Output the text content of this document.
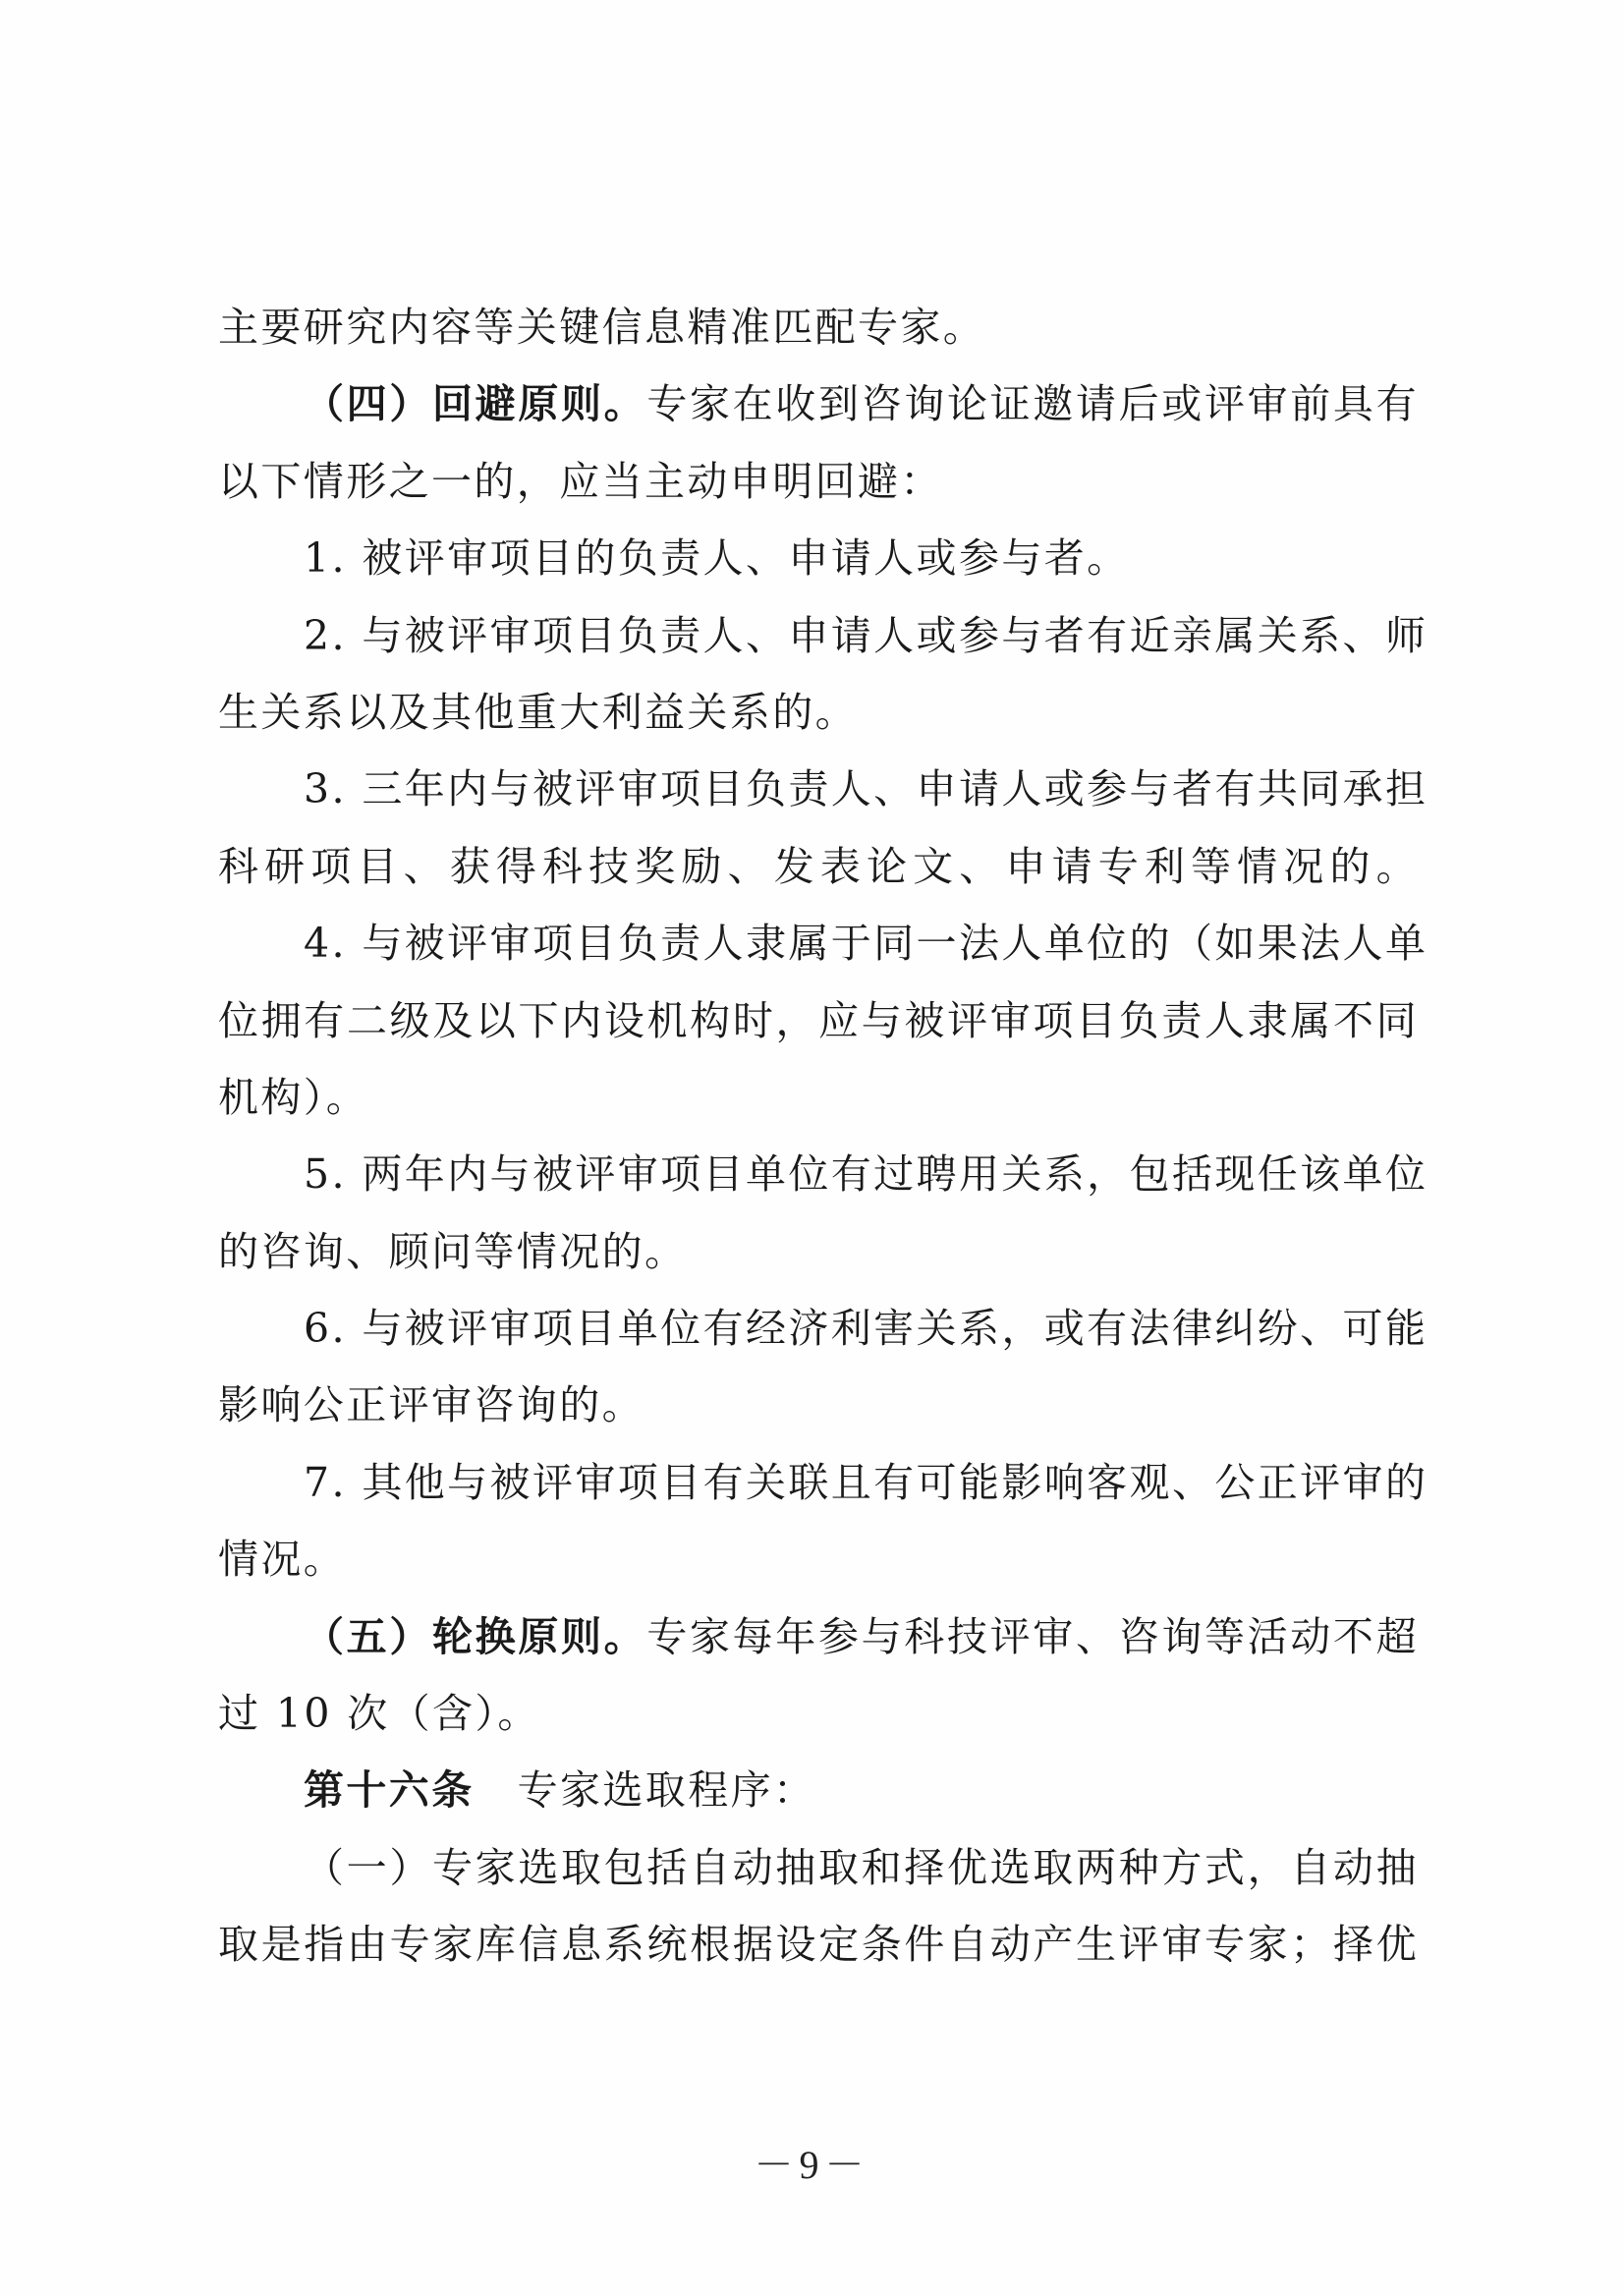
主要研究内容等关键信息精准匹配专家。
（四）回避原则。专家在收到咨询论证邀请后或评审前具有
以下情形之一的，应当主动申明回避：
1. 被评审项目的负责人、申请人或参与者。
2. 与被评审项目负责人、申请人或参与者有近亲属关系、师
生关系以及其他重大利益关系的。
3. 三年内与被评审项目负责人、申请人或参与者有共同承担
科研项目、获得科技奖励、发表论文、申请专利等情况的。
4. 与被评审项目负责人隶属于同一法人单位的（如果法人单
位拥有二级及以下内设机构时，应与被评审项目负责人隶属不同
机构）。
5. 两年内与被评审项目单位有过聘用关系，包括现任该单位
的咨询、顾问等情况的。
6. 与被评审项目单位有经济利害关系，或有法律纠纷、可能
影响公正评审咨询的。
7. 其他与被评审项目有关联且有可能影响客观、公正评审的
情况。
（五）轮换原则。专家每年参与科技评审、咨询等活动不超
过 10 次（含）。
第十六条 专家选取程序：
（一）专家选取包括自动抽取和择优选取两种方式，自动抽
取是指由专家库信息系统根据设定条件自动产生评审专家；择优
－9－
